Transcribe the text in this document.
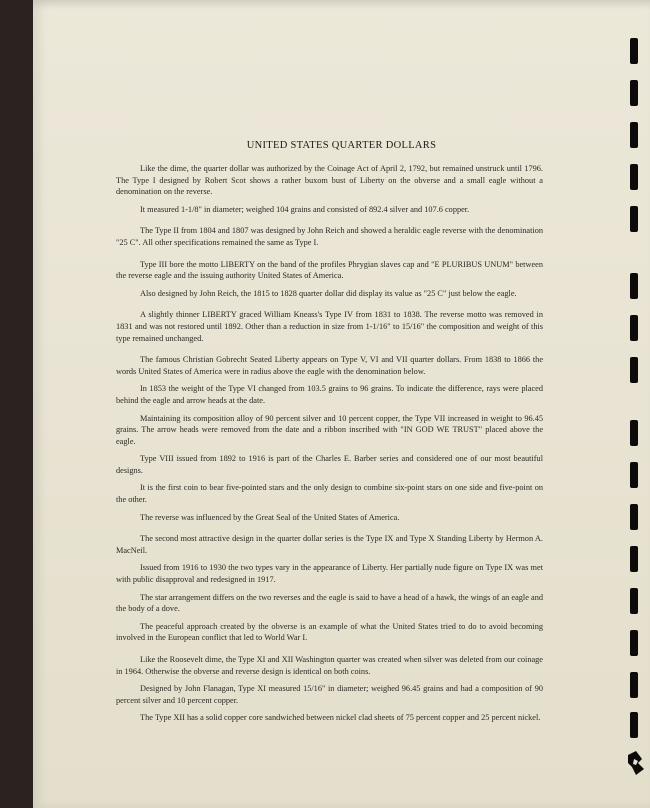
UNITED STATES QUARTER DOLLARS

Like the dime, the quarter dollar was authorized by the Coinage Act of April 2, 1792, but remained unstruck until 1796. The Type I designed by Robert Scot shows a rather buxom bust of Liberty on the obverse and a small eagle without a denomination on the reverse.

It measured 1-1/8" in diameter; weighed 104 grains and consisted of 892.4 silver and 107.6 copper.

The Type II from 1804 and 1807 was designed by John Reich and showed a heraldic eagle reverse with the denomination "25 C". All other specifications remained the same as Type I.

Type III bore the motto LIBERTY on the band of the profiles Phrygian slaves cap and "E PLURIBUS UNUM" between the reverse eagle and the issuing authority United States of America.

Also designed by John Reich, the 1815 to 1828 quarter dollar did display its value as "25 C" just below the eagle.

A slightly thinner LIBERTY graced William Kneass's Type IV from 1831 to 1838. The reverse motto was removed in 1831 and was not restored until 1892. Other than a reduction in size from 1-1/16" to 15/16" the composition and weight of this type remained unchanged.

The famous Christian Gobrecht Seated Liberty appears on Type V, VI and VII quarter dollars. From 1838 to 1866 the words United States of America were in radius above the eagle with the denomination below.

In 1853 the weight of the Type VI changed from 103.5 grains to 96 grains. To indicate the difference, rays were placed behind the eagle and arrow heads at the date.

Maintaining its composition alloy of 90 percent silver and 10 percent copper, the Type VII increased in weight to 96.45 grains. The arrow heads were removed from the date and a ribbon inscribed with "IN GOD WE TRUST" placed above the eagle.

Type VIII issued from 1892 to 1916 is part of the Charles E. Barber series and considered one of our most beautiful designs.

It is the first coin to bear five-pointed stars and the only design to combine six-point stars on one side and five-point on the other.

The reverse was influenced by the Great Seal of the United States of America.

The second most attractive design in the quarter dollar series is the Type IX and Type X Standing Liberty by Hermon A. MacNeil.

Issued from 1916 to 1930 the two types vary in the appearance of Liberty. Her partially nude figure on Type IX was met with public disapproval and redesigned in 1917.

The star arrangement differs on the two reverses and the eagle is said to have a head of a hawk, the wings of an eagle and the body of a dove.

The peaceful approach created by the obverse is an example of what the United States tried to do to avoid becoming involved in the European conflict that led to World War I.

Like the Roosevelt dime, the Type XI and XII Washington quarter was created when silver was deleted from our coinage in 1964. Otherwise the obverse and reverse design is identical on both coins.

Designed by John Flanagan, Type XI measured 15/16" in diameter; weighed 96.45 grains and had a composition of 90 percent silver and 10 percent copper.

The Type XII has a solid copper core sandwiched between nickel clad sheets of 75 percent copper and 25 percent nickel.
